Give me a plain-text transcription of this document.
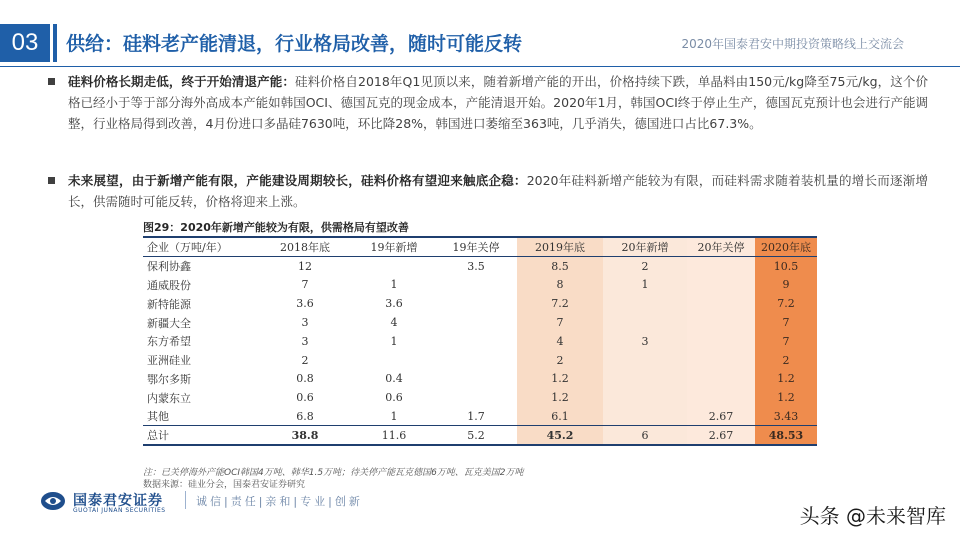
03	供给：硅料老产能清退，行业格局改善，随时可能反转	2020年国泰君安中期投资策略线上交流会
硅料价格长期走低，终于开始清退产能：硅料价格自2018年Q1见顶以来，随着新增产能的开出，价格持续下跌，单晶料由150元/kg降至75元/kg，这个价格已经小于等于部分海外高成本产能如韩国OCI、德国瓦克的现金成本，产能清退开始。2020年1月，韩国OCI终于停止生产，德国瓦克预计也会进行产能调整，行业格局得到改善，4月份进口多晶硅7630吨，环比降28%，韩国进口萎缩至363吨，几乎消失，德国进口占比67.3%。
未来展望，由于新增产能有限，产能建设周期较长，硅料价格有望迎来触底企稳：2020年硅料新增产能较为有限，而硅料需求随着装机量的增长而逐渐增长，供需随时可能反转，价格将迎来上涨。
图29：2020年新增产能较为有限，供需格局有望改善
企业（万吨/年）	2018年底	19年新增	19年关停	2019年底	20年新增	20年关停	2020年底
保利协鑫	12		3.5	8.5	2		10.5
通威股份	7	1		8	1		9
新特能源	3.6	3.6		7.2			7.2
新疆大全	3	4		7			7
东方希望	3	1		4	3		7
亚洲硅业	2			2			2
鄂尔多斯	0.8	0.4		1.2			1.2
内蒙东立	0.6	0.6		1.2			1.2
其他	6.8	1	1.7	6.1		2.67	3.43
总计	38.8	11.6	5.2	45.2	6	2.67	48.53
注：已关停海外产能OCI韩国4万吨、韩华1.5万吨；待关停产能瓦克德国6万吨、瓦克美国2万吨
数据来源：硅业分会，国泰君安证券研究
国泰君安证券
GUOTAI JUNAN SECURITIES
诚信|责任|亲和|专业|创新
头条 @未来智库
